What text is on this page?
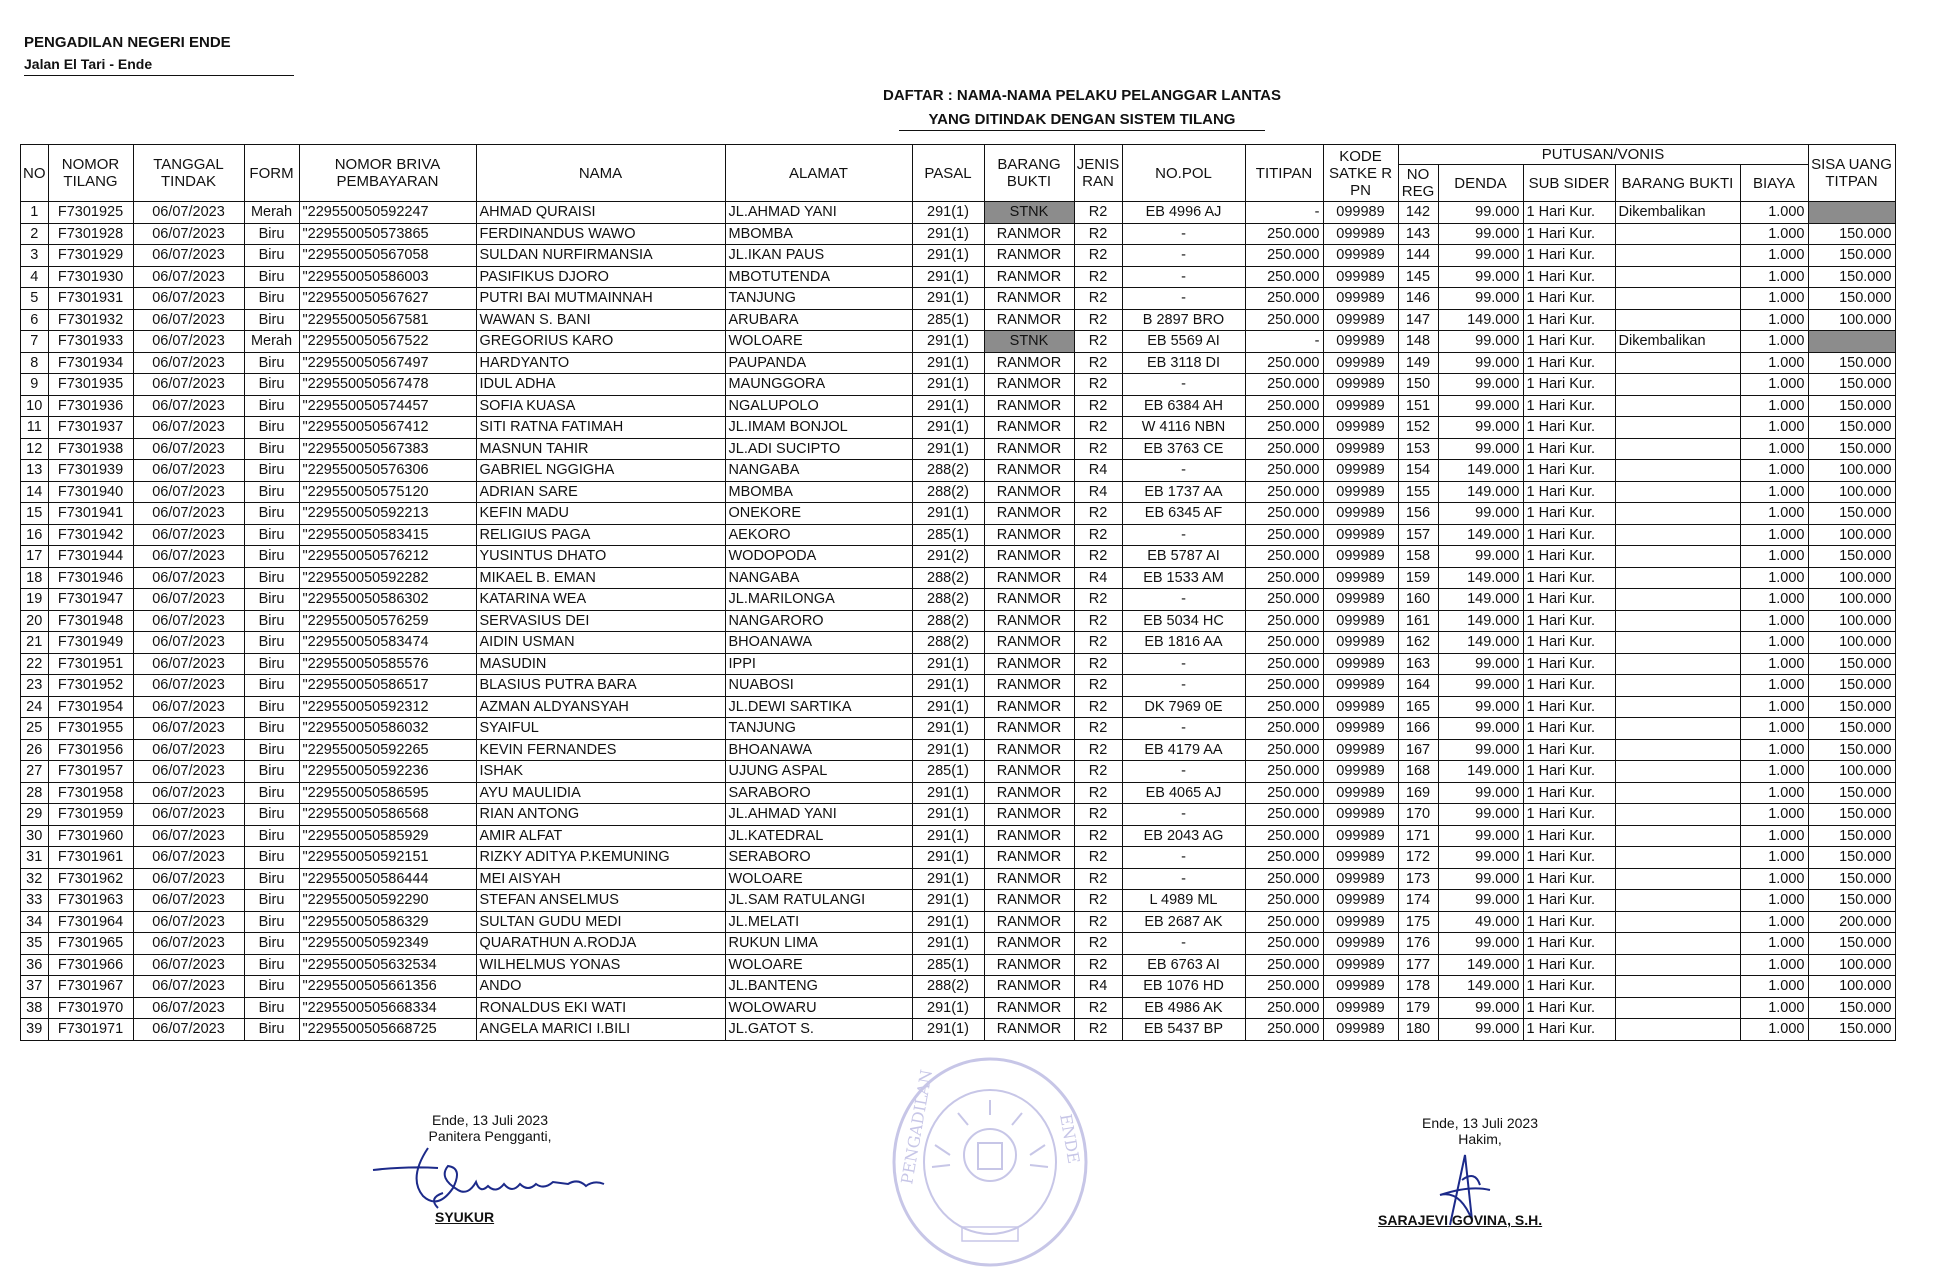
PENGADILAN NEGERI ENDE
Jalan El Tari - Ende
DAFTAR : NAMA-NAMA PELAKU PELANGGAR LANTAS
YANG DITINDAK DENGAN SISTEM TILANG
NO	NOMOR TILANG	TANGGAL TINDAK	FORM	NOMOR BRIVA PEMBAYARAN	NAMA	ALAMAT	PASAL	BARANG BUKTI	JENIS RAN	NO.POL	TITIPAN	KODE SATKE R PN	PUTUSAN/VONIS					SISA UANG TITPAN
													NO REG	DENDA	SUB SIDER	BARANG BUKTI	BIAYA	
1	F7301925	06/07/2023	Merah	"229550050592247	AHMAD QURAISI	JL.AHMAD YANI	291(1)	STNK	R2	EB 4996 AJ	-	099989	142	99.000	1 Hari Kur.	Dikembalikan	1.000	
2	F7301928	06/07/2023	Biru	"229550050573865	FERDINANDUS WAWO	MBOMBA	291(1)	RANMOR	R2	-	250.000	099989	143	99.000	1 Hari Kur.		1.000	150.000
3	F7301929	06/07/2023	Biru	"229550050567058	SULDAN NURFIRMANSIA	JL.IKAN PAUS	291(1)	RANMOR	R2	-	250.000	099989	144	99.000	1 Hari Kur.		1.000	150.000
4	F7301930	06/07/2023	Biru	"229550050586003	PASIFIKUS DJORO	MBOTUTENDA	291(1)	RANMOR	R2	-	250.000	099989	145	99.000	1 Hari Kur.		1.000	150.000
5	F7301931	06/07/2023	Biru	"229550050567627	PUTRI BAI MUTMAINNAH	TANJUNG	291(1)	RANMOR	R2	-	250.000	099989	146	99.000	1 Hari Kur.		1.000	150.000
6	F7301932	06/07/2023	Biru	"229550050567581	WAWAN S. BANI	ARUBARA	285(1)	RANMOR	R2	B 2897 BRO	250.000	099989	147	149.000	1 Hari Kur.		1.000	100.000
7	F7301933	06/07/2023	Merah	"229550050567522	GREGORIUS KARO	WOLOARE	291(1)	STNK	R2	EB 5569 AI	-	099989	148	99.000	1 Hari Kur.	Dikembalikan	1.000	
8	F7301934	06/07/2023	Biru	"229550050567497	HARDYANTO	PAUPANDA	291(1)	RANMOR	R2	EB 3118 DI	250.000	099989	149	99.000	1 Hari Kur.		1.000	150.000
9	F7301935	06/07/2023	Biru	"229550050567478	IDUL ADHA	MAUNGGORA	291(1)	RANMOR	R2	-	250.000	099989	150	99.000	1 Hari Kur.		1.000	150.000
10	F7301936	06/07/2023	Biru	"229550050574457	SOFIA KUASA	NGALUPOLO	291(1)	RANMOR	R2	EB 6384 AH	250.000	099989	151	99.000	1 Hari Kur.		1.000	150.000
11	F7301937	06/07/2023	Biru	"229550050567412	SITI RATNA FATIMAH	JL.IMAM BONJOL	291(1)	RANMOR	R2	W 4116 NBN	250.000	099989	152	99.000	1 Hari Kur.		1.000	150.000
12	F7301938	06/07/2023	Biru	"229550050567383	MASNUN TAHIR	JL.ADI SUCIPTO	291(1)	RANMOR	R2	EB 3763 CE	250.000	099989	153	99.000	1 Hari Kur.		1.000	150.000
13	F7301939	06/07/2023	Biru	"229550050576306	GABRIEL NGGIGHA	NANGABA	288(2)	RANMOR	R4	-	250.000	099989	154	149.000	1 Hari Kur.		1.000	100.000
14	F7301940	06/07/2023	Biru	"229550050575120	ADRIAN SARE	MBOMBA	288(2)	RANMOR	R4	EB 1737 AA	250.000	099989	155	149.000	1 Hari Kur.		1.000	100.000
15	F7301941	06/07/2023	Biru	"229550050592213	KEFIN MADU	ONEKORE	291(1)	RANMOR	R2	EB 6345 AF	250.000	099989	156	99.000	1 Hari Kur.		1.000	150.000
16	F7301942	06/07/2023	Biru	"229550050583415	RELIGIUS PAGA	AEKORO	285(1)	RANMOR	R2	-	250.000	099989	157	149.000	1 Hari Kur.		1.000	100.000
17	F7301944	06/07/2023	Biru	"229550050576212	YUSINTUS DHATO	WODOPODA	291(2)	RANMOR	R2	EB 5787 AI	250.000	099989	158	99.000	1 Hari Kur.		1.000	150.000
18	F7301946	06/07/2023	Biru	"229550050592282	MIKAEL B. EMAN	NANGABA	288(2)	RANMOR	R4	EB 1533 AM	250.000	099989	159	149.000	1 Hari Kur.		1.000	100.000
19	F7301947	06/07/2023	Biru	"229550050586302	KATARINA WEA	JL.MARILONGA	288(2)	RANMOR	R2	-	250.000	099989	160	149.000	1 Hari Kur.		1.000	100.000
20	F7301948	06/07/2023	Biru	"229550050576259	SERVASIUS DEI	NANGARORO	288(2)	RANMOR	R2	EB 5034 HC	250.000	099989	161	149.000	1 Hari Kur.		1.000	100.000
21	F7301949	06/07/2023	Biru	"229550050583474	AIDIN USMAN	BHOANAWA	288(2)	RANMOR	R2	EB 1816 AA	250.000	099989	162	149.000	1 Hari Kur.		1.000	100.000
22	F7301951	06/07/2023	Biru	"229550050585576	MASUDIN	IPPI	291(1)	RANMOR	R2	-	250.000	099989	163	99.000	1 Hari Kur.		1.000	150.000
23	F7301952	06/07/2023	Biru	"229550050586517	BLASIUS PUTRA BARA	NUABOSI	291(1)	RANMOR	R2	-	250.000	099989	164	99.000	1 Hari Kur.		1.000	150.000
24	F7301954	06/07/2023	Biru	"229550050592312	AZMAN ALDYANSYAH	JL.DEWI SARTIKA	291(1)	RANMOR	R2	DK 7969 0E	250.000	099989	165	99.000	1 Hari Kur.		1.000	150.000
25	F7301955	06/07/2023	Biru	"229550050586032	SYAIFUL	TANJUNG	291(1)	RANMOR	R2	-	250.000	099989	166	99.000	1 Hari Kur.		1.000	150.000
26	F7301956	06/07/2023	Biru	"229550050592265	KEVIN FERNANDES	BHOANAWA	291(1)	RANMOR	R2	EB 4179 AA	250.000	099989	167	99.000	1 Hari Kur.		1.000	150.000
27	F7301957	06/07/2023	Biru	"229550050592236	ISHAK	UJUNG ASPAL	285(1)	RANMOR	R2	-	250.000	099989	168	149.000	1 Hari Kur.		1.000	100.000
28	F7301958	06/07/2023	Biru	"229550050586595	AYU MAULIDIA	SARABORO	291(1)	RANMOR	R2	EB 4065 AJ	250.000	099989	169	99.000	1 Hari Kur.		1.000	150.000
29	F7301959	06/07/2023	Biru	"229550050586568	RIAN ANTONG	JL.AHMAD YANI	291(1)	RANMOR	R2	-	250.000	099989	170	99.000	1 Hari Kur.		1.000	150.000
30	F7301960	06/07/2023	Biru	"229550050585929	AMIR ALFAT	JL.KATEDRAL	291(1)	RANMOR	R2	EB 2043 AG	250.000	099989	171	99.000	1 Hari Kur.		1.000	150.000
31	F7301961	06/07/2023	Biru	"229550050592151	RIZKY ADITYA P.KEMUNING	SERABORO	291(1)	RANMOR	R2	-	250.000	099989	172	99.000	1 Hari Kur.		1.000	150.000
32	F7301962	06/07/2023	Biru	"229550050586444	MEI AISYAH	WOLOARE	291(1)	RANMOR	R2	-	250.000	099989	173	99.000	1 Hari Kur.		1.000	150.000
33	F7301963	06/07/2023	Biru	"229550050592290	STEFAN ANSELMUS	JL.SAM RATULANGI	291(1)	RANMOR	R2	L 4989 ML	250.000	099989	174	99.000	1 Hari Kur.		1.000	150.000
34	F7301964	06/07/2023	Biru	"229550050586329	SULTAN GUDU MEDI	JL.MELATI	291(1)	RANMOR	R2	EB 2687 AK	250.000	099989	175	49.000	1 Hari Kur.		1.000	200.000
35	F7301965	06/07/2023	Biru	"229550050592349	QUARATHUN A.RODJA	RUKUN LIMA	291(1)	RANMOR	R2	-	250.000	099989	176	99.000	1 Hari Kur.		1.000	150.000
36	F7301966	06/07/2023	Biru	"2295500505632534	WILHELMUS YONAS	WOLOARE	285(1)	RANMOR	R2	EB 6763 AI	250.000	099989	177	149.000	1 Hari Kur.		1.000	100.000
37	F7301967	06/07/2023	Biru	"2295500505661356	ANDO	JL.BANTENG	288(2)	RANMOR	R4	EB 1076 HD	250.000	099989	178	149.000	1 Hari Kur.		1.000	100.000
38	F7301970	06/07/2023	Biru	"2295500505668334	RONALDUS EKI WATI	WOLOWARU	291(1)	RANMOR	R2	EB 4986 AK	250.000	099989	179	99.000	1 Hari Kur.		1.000	150.000
39	F7301971	06/07/2023	Biru	"2295500505668725	ANGELA MARICI I.BILI	JL.GATOT S.	291(1)	RANMOR	R2	EB 5437 BP	250.000	099989	180	99.000	1 Hari Kur.		1.000	150.000
PENGADILAN	ENDE
Ende, 13 Juli 2023
Panitera Pengganti,
SYUKUR
Ende, 13 Juli 2023
Hakim,
SARAJEVI GOVINA, S.H.
